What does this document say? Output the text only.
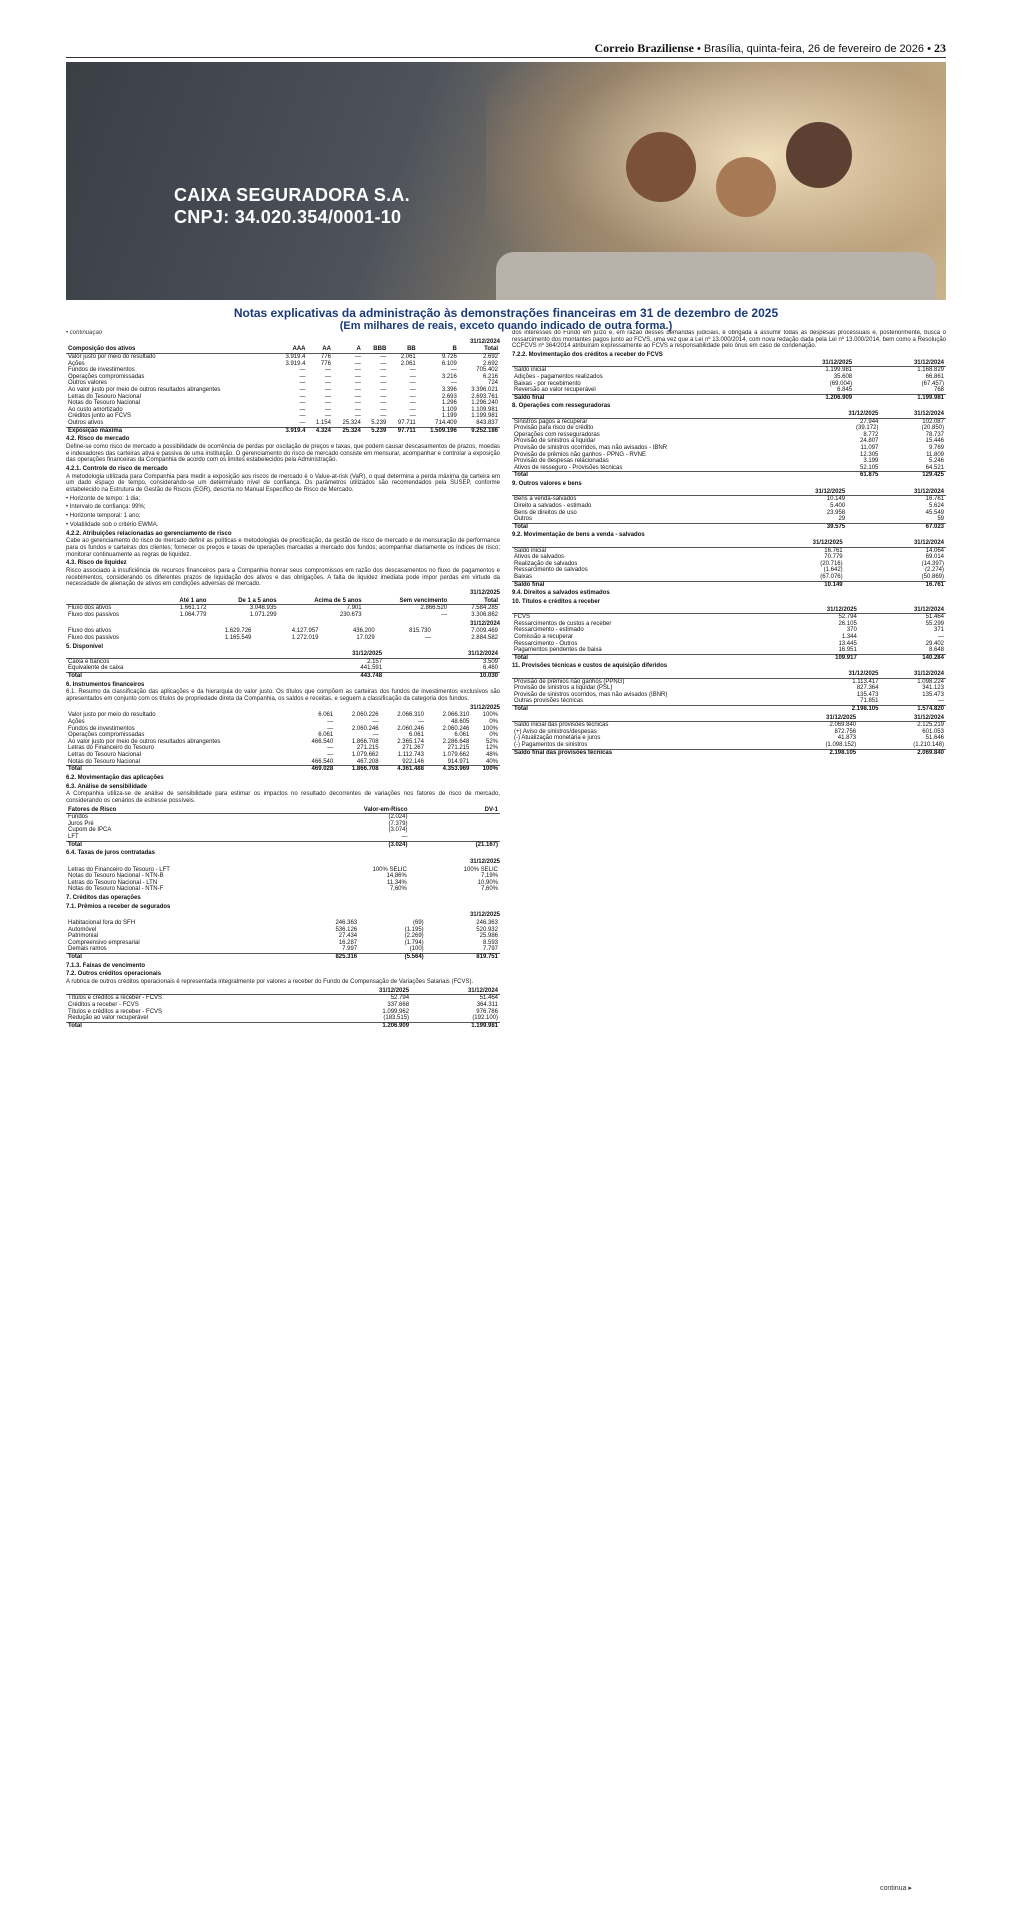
Correio Braziliense • Brasília, quinta-feira, 26 de fevereiro de 2026 • 23
CAIXA SEGURADORA S.A.
CNPJ: 34.020.354/0001-10
Notas explicativas da administração às demonstrações financeiras em 31 de dezembro de 2025
(Em milhares de reais, exceto quando indicado de outra forma.)
• continuação
31/12/2024
Composição dos ativos	AAA	AA	A	BBB	BB	B	Total
Valor justo por meio do resultado	3.919.4	776	—	—	2.061	9.726	2.692
Ações	3.919.4	776	—	—	2.061	6.109	2.692
Fundos de investimentos	—	—	—	—	—	—	705.402
Operações compromissadas	—	—	—	—	—	3.216	6.216
Outros valores	—	—	—	—	—	—	724
Ao valor justo por meio de outros resultados abrangentes	—	—	—	—	—	3.396	3.396.021
Letras do Tesouro Nacional	—	—	—	—	—	2.693	2.693.761
Notas do Tesouro Nacional	—	—	—	—	—	1.296	1.296.240
Ao custo amortizado	—	—	—	—	—	1.109	1.109.981
Créditos junto ao FCVS	—	—	—	—	—	1.199	1.199.981
Outros ativos	—	1.154	25.324	5.239	97.711	714.409	843.837
Exposição máxima	3.919.4	4.324	25.324	5.239	97.711	1.509.196	9.252.186
4.2. Risco de mercado
Define-se como risco de mercado a possibilidade de ocorrência de perdas por oscilação de preços e taxas, que podem causar descasamentos de prazos, moedas e indexadores das carteiras ativa e passiva de uma instituição. O gerenciamento do risco de mercado consiste em mensurar, acompanhar e controlar a exposição das operações financeiras da Companhia de acordo com os limites estabelecidos pela Administração.
4.2.1. Controle do risco de mercado
A metodologia utilizada para Companhia para medir a exposição aos riscos de mercado é o Value-at-risk (VaR), o qual determina a perda máxima da carteira em um dado espaço de tempo, considerando-se um determinado nível de confiança. Os parâmetros utilizados são recomendados pela SUSEP, conforme estabelecido na Estrutura de Gestão de Riscos (EGR), descrita no Manual Específico de Risco de Mercado.
• Horizonte de tempo: 1 dia;
• Intervalo de confiança: 99%;
• Horizonte temporal: 1 ano;
• Volatilidade sob o critério EWMA.
4.2.2. Atribuições relacionadas ao gerenciamento de risco
Cabe ao gerenciamento do risco de mercado definir as políticas e metodologias de precificação, da gestão de risco de mercado e de mensuração de performance para os fundos e carteiras dos clientes; fornecer os preços e taxas de operações marcadas a mercado dos fundos; acompanhar diariamente os índices de risco; monitorar continuamente as regras de liquidez.
4.3. Risco de liquidez
Risco associado à insuficiência de recursos financeiros para a Companhia honrar seus compromissos em razão dos descasamentos no fluxo de pagamentos e recebimentos, considerando os diferentes prazos de liquidação dos ativos e das obrigações. A falta de liquidez imediata pode impor perdas em virtude da necessidade de alienação de ativos em condições adversas de mercado.
31/12/2025
	Até 1 ano	De 1 a 5 anos	Acima de 5 anos	Sem vencimento	Total
Fluxo dos ativos	1.661.172	3.048.935	7.901	2.866.520	7.584.285
Fluxo dos passivos	1.064.779	1.071.299	230.673	—	3.306.862
31/12/2024
Fluxo dos ativos	1.629.726	4.127.957	436.200	815.730	7.009.469
Fluxo dos passivos	1.165.549	1.272.019	17.029	—	2.884.582
5. Disponível
	31/12/2025	31/12/2024
Caixa e bancos	2.157	3.509
Equivalente de caixa	441.591	6.460
Total	443.748	10.030
6. Instrumentos financeiros
6.1. Resumo da classificação das aplicações e da hierarquia do valor justo. Os títulos que compõem as carteiras dos fundos de investimentos exclusivos são apresentados em conjunto com os títulos de propriedade direta da Companhia, os saldos e receitas, e seguem a classificação da categoria dos fundos.
31/12/2025
Valor justo por meio do resultado	6.061	2.060.226	2.066.310	2.066.310	100%
Ações	—	—	—	48.605	0%
Fundos de investimentos	—	2.060.246	2.060.246	2.060.246	100%
Operações compromissadas	6.061	—	6.061	6.061	0%
Ao valor justo por meio de outros resultados abrangentes	466.540	1.866.708	2.365.174	2.286.648	52%
Letras do Financeiro do Tesouro	—	271.215	271.267	271.215	12%
Letras do Tesouro Nacional	—	1.079.662	1.112.743	1.079.662	48%
Notas do Tesouro Nacional	466.540	467.208	922.146	914.971	40%
Total	469.028	1.866.708	4.361.488	4.353.969	100%
6.2. Movimentação das aplicações
6.3. Análise de sensibilidade
A Companhia utiliza-se de análise de sensibilidade para estimar os impactos no resultado decorrentes de variações nos fatores de risco de mercado, considerando os cenários de estresse possíveis.
Fatores de Risco	Valor-em-Risco	DV-1
Fundos	(2.024)	
Juros Pré	(7.379)	
Cupom de IPCA	(3.074)	
LFT	—	
Total	(3.024)	(21.167)
6.4. Taxas de juros contratadas
31/12/2025
Letras do Financeiro do Tesouro - LFT	100% SELIC	100% SELIC
Notas do Tesouro Nacional - NTN-B	14,86%	7,19%
Letras do Tesouro Nacional - LTN	11,34%	10,90%
Notas do Tesouro Nacional - NTN-F	7,60%	7,60%
7. Créditos das operações
7.1. Prêmios a receber de segurados
31/12/2025
Habitacional fora do SFH	246.363	(69)	246.363
Automóvel	536.126	(1.195)	520.932
Patrimonial	27.434	(2.269)	25.986
Compreensivo empresarial	16.287	(1.794)	8.593
Demais ramos	7.997	(100)	7.797
Total	825.316	(5.564)	819.751
7.1.3. Faixas de vencimento
7.2. Outros créditos operacionais
A rubrica de outros créditos operacionais é representada integralmente por valores a receber do Fundo de Compensação de Variações Salariais (FCVS).
	31/12/2025	31/12/2024
Títulos e créditos a receber - FCVS	52.794	51.464
Créditos a receber - FCVS	337.668	364.311
Títulos e créditos a receber - FCVS	1.099.962	976.786
Redução ao valor recuperável	(183.515)	(192.100)
Total	1.206.909	1.199.981
dos interesses do Fundo em juízo e, em razão desses demandas judiciais, é obrigada a assumir todas as despesas processuais e, posteriormente, busca o ressarcimento dos montantes pagos junto ao FCVS, uma vez que a Lei nº 13.000/2014, com nova redação dada pela Lei nº 13.000/2014, bem como a Resolução CCFCVS nº 364/2014 atribuíram expressamente ao FCVS a responsabilidade pelo ônus em caso de condenação.
7.2.2. Movimentação dos créditos a receber do FCVS
	31/12/2025	31/12/2024
Saldo inicial	1.199.981	1.168.829
Adições - pagamentos realizados	35.608	66.861
Baixas - por recebimento	(69.004)	(67.457)
Reversão ao valor recuperável	6.845	768
Saldo final	1.206.909	1.199.981
8. Operações com resseguradoras
	31/12/2025	31/12/2024
Sinistros pagos a recuperar	27.944	102.087
Provisão para risco de crédito	(39.172)	(20.850)
Operações com resseguradoras	8.772	78.737
Provisão de sinistros a liquidar	24.807	15.446
Provisão de sinistros ocorridos, mas não avisados - IBNR	11.097	9.769
Provisão de prêmios não ganhos - PPNG - RVNE	12.305	11.809
Provisão de despesas relacionadas	3.199	5.246
Ativos de resseguro - Provisões técnicas	52.105	64.521
Total	61.875	129.425
9. Outros valores e bens
	31/12/2025	31/12/2024
Bens a venda-salvados	10.149	16.761
Direito a salvados - estimado	5.400	5.624
Bens de direitos de uso	23.958	45.549
Outros	29	59
Total	39.575	67.023
9.2. Movimentação de bens a venda - salvados
	31/12/2025	31/12/2024
Saldo inicial	16.761	14.064
Ativos de salvados	70.779	69.014
Realização de salvados	(20.716)	(14.397)
Ressarcimento de salvados	(1.642)	(2.274)
Baixas	(67.076)	(50.869)
Saldo final	10.149	16.761
9.4. Direitos a salvados estimados
10. Títulos e créditos a receber
	31/12/2025	31/12/2024
FCVS	52.794	51.464
Ressarcimentos de custos a receber	26.105	55.299
Ressarcimento - estimado	370	371
Comissão a recuperar	1.344	—
Ressarcimento - Outros	13.445	29.402
Pagamentos pendentes de baixa	16.951	8.648
Total	109.917	140.284
11. Provisões técnicas e custos de aquisição diferidos
	31/12/2025	31/12/2024
Provisão de prêmios não ganhos (PPNG)	1.113.417	1.098.224
Provisão de sinistros a liquidar (PSL)	827.364	341.123
Provisão de sinistros ocorridos, mas não avisados (IBNR)	135.473	135.473
Outras provisões técnicas	71.851	—
Total	2.198.105	1.574.820
	31/12/2025	31/12/2024
Saldo inicial das provisões técnicas	2.069.840	2.125.219
(+) Aviso de sinistros/despesas	872.756	601.053
(-) Atualização monetária e juros	41.873	51.646
(-) Pagamentos de sinistros	(1.098.152)	(1.210.148)
Saldo final das provisões técnicas	2.198.105	2.069.840
continua ▸
